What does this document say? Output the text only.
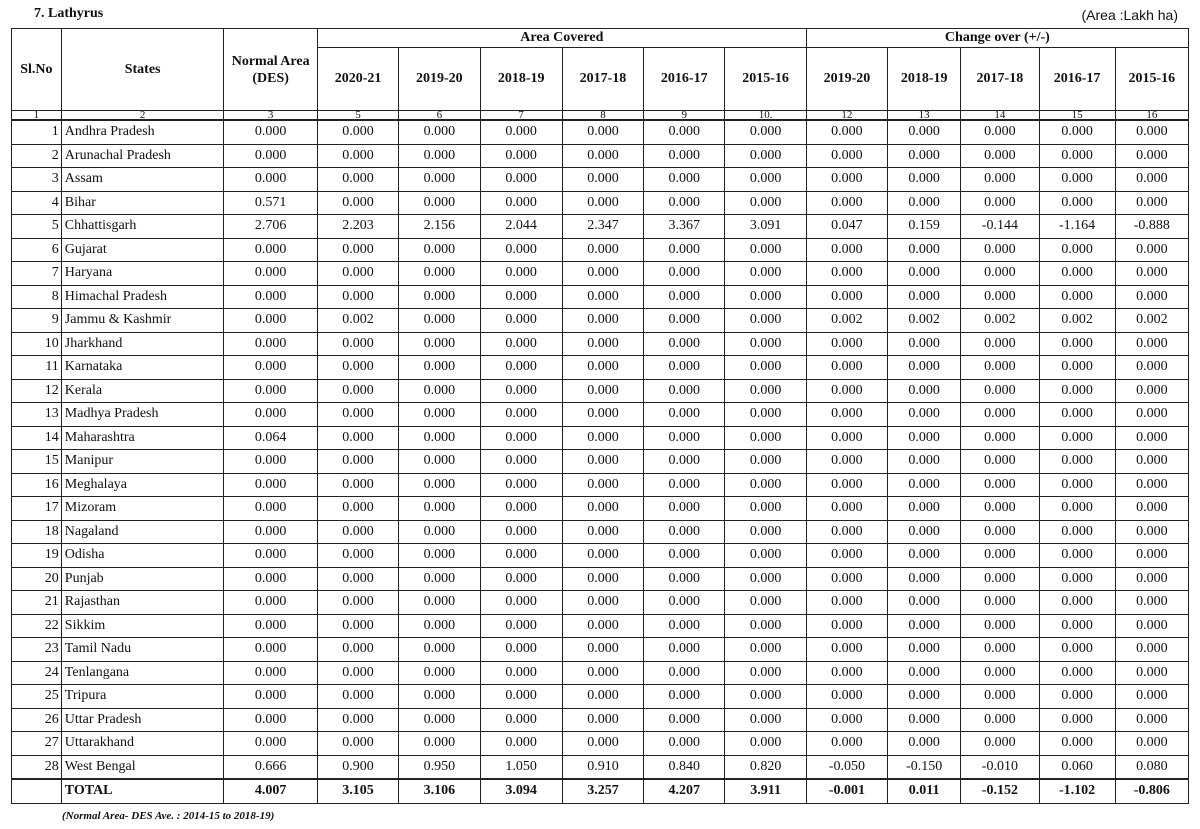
7. Lathyrus	(Area :Lakh ha)
Sl.No	States	Normal Area (DES)	Area Covered						Change over (+/-)				
			2020-21	2019-20	2018-19	2017-18	2016-17	2015-16	2019-20	2018-19	2017-18	2016-17	2015-16
1	2	3	5	6	7	8	9	10.	12	13	14	15	16
1	Andhra Pradesh	0.000	0.000	0.000	0.000	0.000	0.000	0.000	0.000	0.000	0.000	0.000	0.000
2	Arunachal Pradesh	0.000	0.000	0.000	0.000	0.000	0.000	0.000	0.000	0.000	0.000	0.000	0.000
3	Assam	0.000	0.000	0.000	0.000	0.000	0.000	0.000	0.000	0.000	0.000	0.000	0.000
4	Bihar	0.571	0.000	0.000	0.000	0.000	0.000	0.000	0.000	0.000	0.000	0.000	0.000
5	Chhattisgarh	2.706	2.203	2.156	2.044	2.347	3.367	3.091	0.047	0.159	-0.144	-1.164	-0.888
6	Gujarat	0.000	0.000	0.000	0.000	0.000	0.000	0.000	0.000	0.000	0.000	0.000	0.000
7	Haryana	0.000	0.000	0.000	0.000	0.000	0.000	0.000	0.000	0.000	0.000	0.000	0.000
8	Himachal Pradesh	0.000	0.000	0.000	0.000	0.000	0.000	0.000	0.000	0.000	0.000	0.000	0.000
9	Jammu & Kashmir	0.000	0.002	0.000	0.000	0.000	0.000	0.000	0.002	0.002	0.002	0.002	0.002
10	Jharkhand	0.000	0.000	0.000	0.000	0.000	0.000	0.000	0.000	0.000	0.000	0.000	0.000
11	Karnataka	0.000	0.000	0.000	0.000	0.000	0.000	0.000	0.000	0.000	0.000	0.000	0.000
12	Kerala	0.000	0.000	0.000	0.000	0.000	0.000	0.000	0.000	0.000	0.000	0.000	0.000
13	Madhya Pradesh	0.000	0.000	0.000	0.000	0.000	0.000	0.000	0.000	0.000	0.000	0.000	0.000
14	Maharashtra	0.064	0.000	0.000	0.000	0.000	0.000	0.000	0.000	0.000	0.000	0.000	0.000
15	Manipur	0.000	0.000	0.000	0.000	0.000	0.000	0.000	0.000	0.000	0.000	0.000	0.000
16	Meghalaya	0.000	0.000	0.000	0.000	0.000	0.000	0.000	0.000	0.000	0.000	0.000	0.000
17	Mizoram	0.000	0.000	0.000	0.000	0.000	0.000	0.000	0.000	0.000	0.000	0.000	0.000
18	Nagaland	0.000	0.000	0.000	0.000	0.000	0.000	0.000	0.000	0.000	0.000	0.000	0.000
19	Odisha	0.000	0.000	0.000	0.000	0.000	0.000	0.000	0.000	0.000	0.000	0.000	0.000
20	Punjab	0.000	0.000	0.000	0.000	0.000	0.000	0.000	0.000	0.000	0.000	0.000	0.000
21	Rajasthan	0.000	0.000	0.000	0.000	0.000	0.000	0.000	0.000	0.000	0.000	0.000	0.000
22	Sikkim	0.000	0.000	0.000	0.000	0.000	0.000	0.000	0.000	0.000	0.000	0.000	0.000
23	Tamil Nadu	0.000	0.000	0.000	0.000	0.000	0.000	0.000	0.000	0.000	0.000	0.000	0.000
24	Tenlangana	0.000	0.000	0.000	0.000	0.000	0.000	0.000	0.000	0.000	0.000	0.000	0.000
25	Tripura	0.000	0.000	0.000	0.000	0.000	0.000	0.000	0.000	0.000	0.000	0.000	0.000
26	Uttar Pradesh	0.000	0.000	0.000	0.000	0.000	0.000	0.000	0.000	0.000	0.000	0.000	0.000
27	Uttarakhand	0.000	0.000	0.000	0.000	0.000	0.000	0.000	0.000	0.000	0.000	0.000	0.000
28	West Bengal	0.666	0.900	0.950	1.050	0.910	0.840	0.820	-0.050	-0.150	-0.010	0.060	0.080
	TOTAL	4.007	3.105	3.106	3.094	3.257	4.207	3.911	-0.001	0.011	-0.152	-1.102	-0.806
(Normal Area- DES Ave. : 2014-15 to 2018-19)
